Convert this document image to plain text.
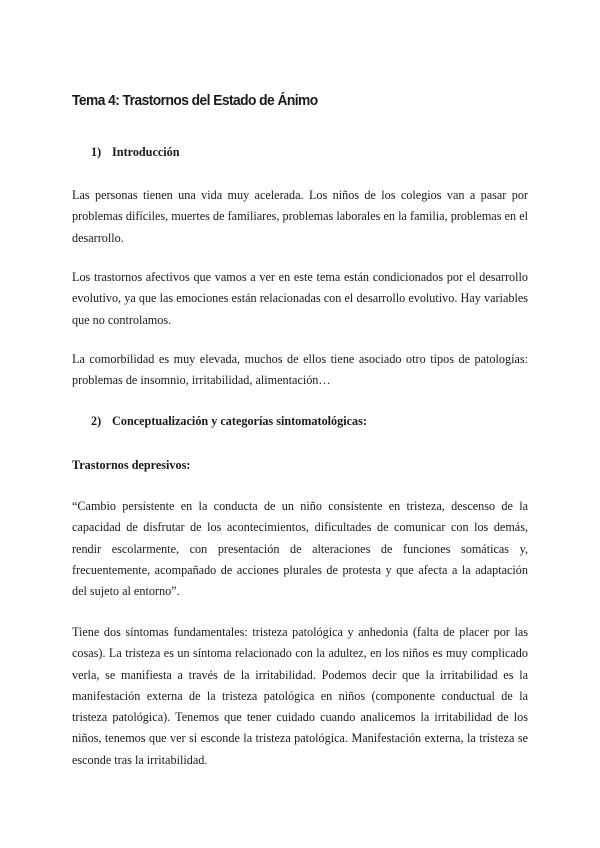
Tema 4: Trastornos del Estado de Ánimo
1) Introducción

Las personas tienen una vida muy acelerada. Los niños de los colegios van a pasar por problemas difíciles, muertes de familiares, problemas laborales en la familia, problemas en el desarrollo.

Los trastornos afectivos que vamos a ver en este tema están condicionados por el desarrollo evolutivo, ya que las emociones están relacionadas con el desarrollo evolutivo. Hay variables que no controlamos.

La comorbilidad es muy elevada, muchos de ellos tiene asociado otro tipos de patologías: problemas de insomnio, irritabilidad, alimentación…

2) Conceptualización y categorías sintomatológicas:
Trastornos depresivos:

“Cambio persistente en la conducta de un niño consistente en tristeza, descenso de la capacidad de disfrutar de los acontecimientos, dificultades de comunicar con los demás, rendir escolarmente, con presentación de alteraciones de funciones somáticas y, frecuentemente, acompañado de acciones plurales de protesta y que afecta a la adaptación del sujeto al entorno”.

Tiene dos síntomas fundamentales: tristeza patológica y anhedonia (falta de placer por las cosas). La tristeza es un síntoma relacionado con la adultez, en los niños es muy complicado verla, se manifiesta a través de la irritabilidad. Podemos decir que la irritabilidad es la manifestación externa de la tristeza patológica en niños (componente conductual de la tristeza patológica). Tenemos que tener cuidado cuando analicemos la irritabilidad de los niños, tenemos que ver si esconde la tristeza patológica. Manifestación externa, la tristeza se esconde tras la irritabilidad.
